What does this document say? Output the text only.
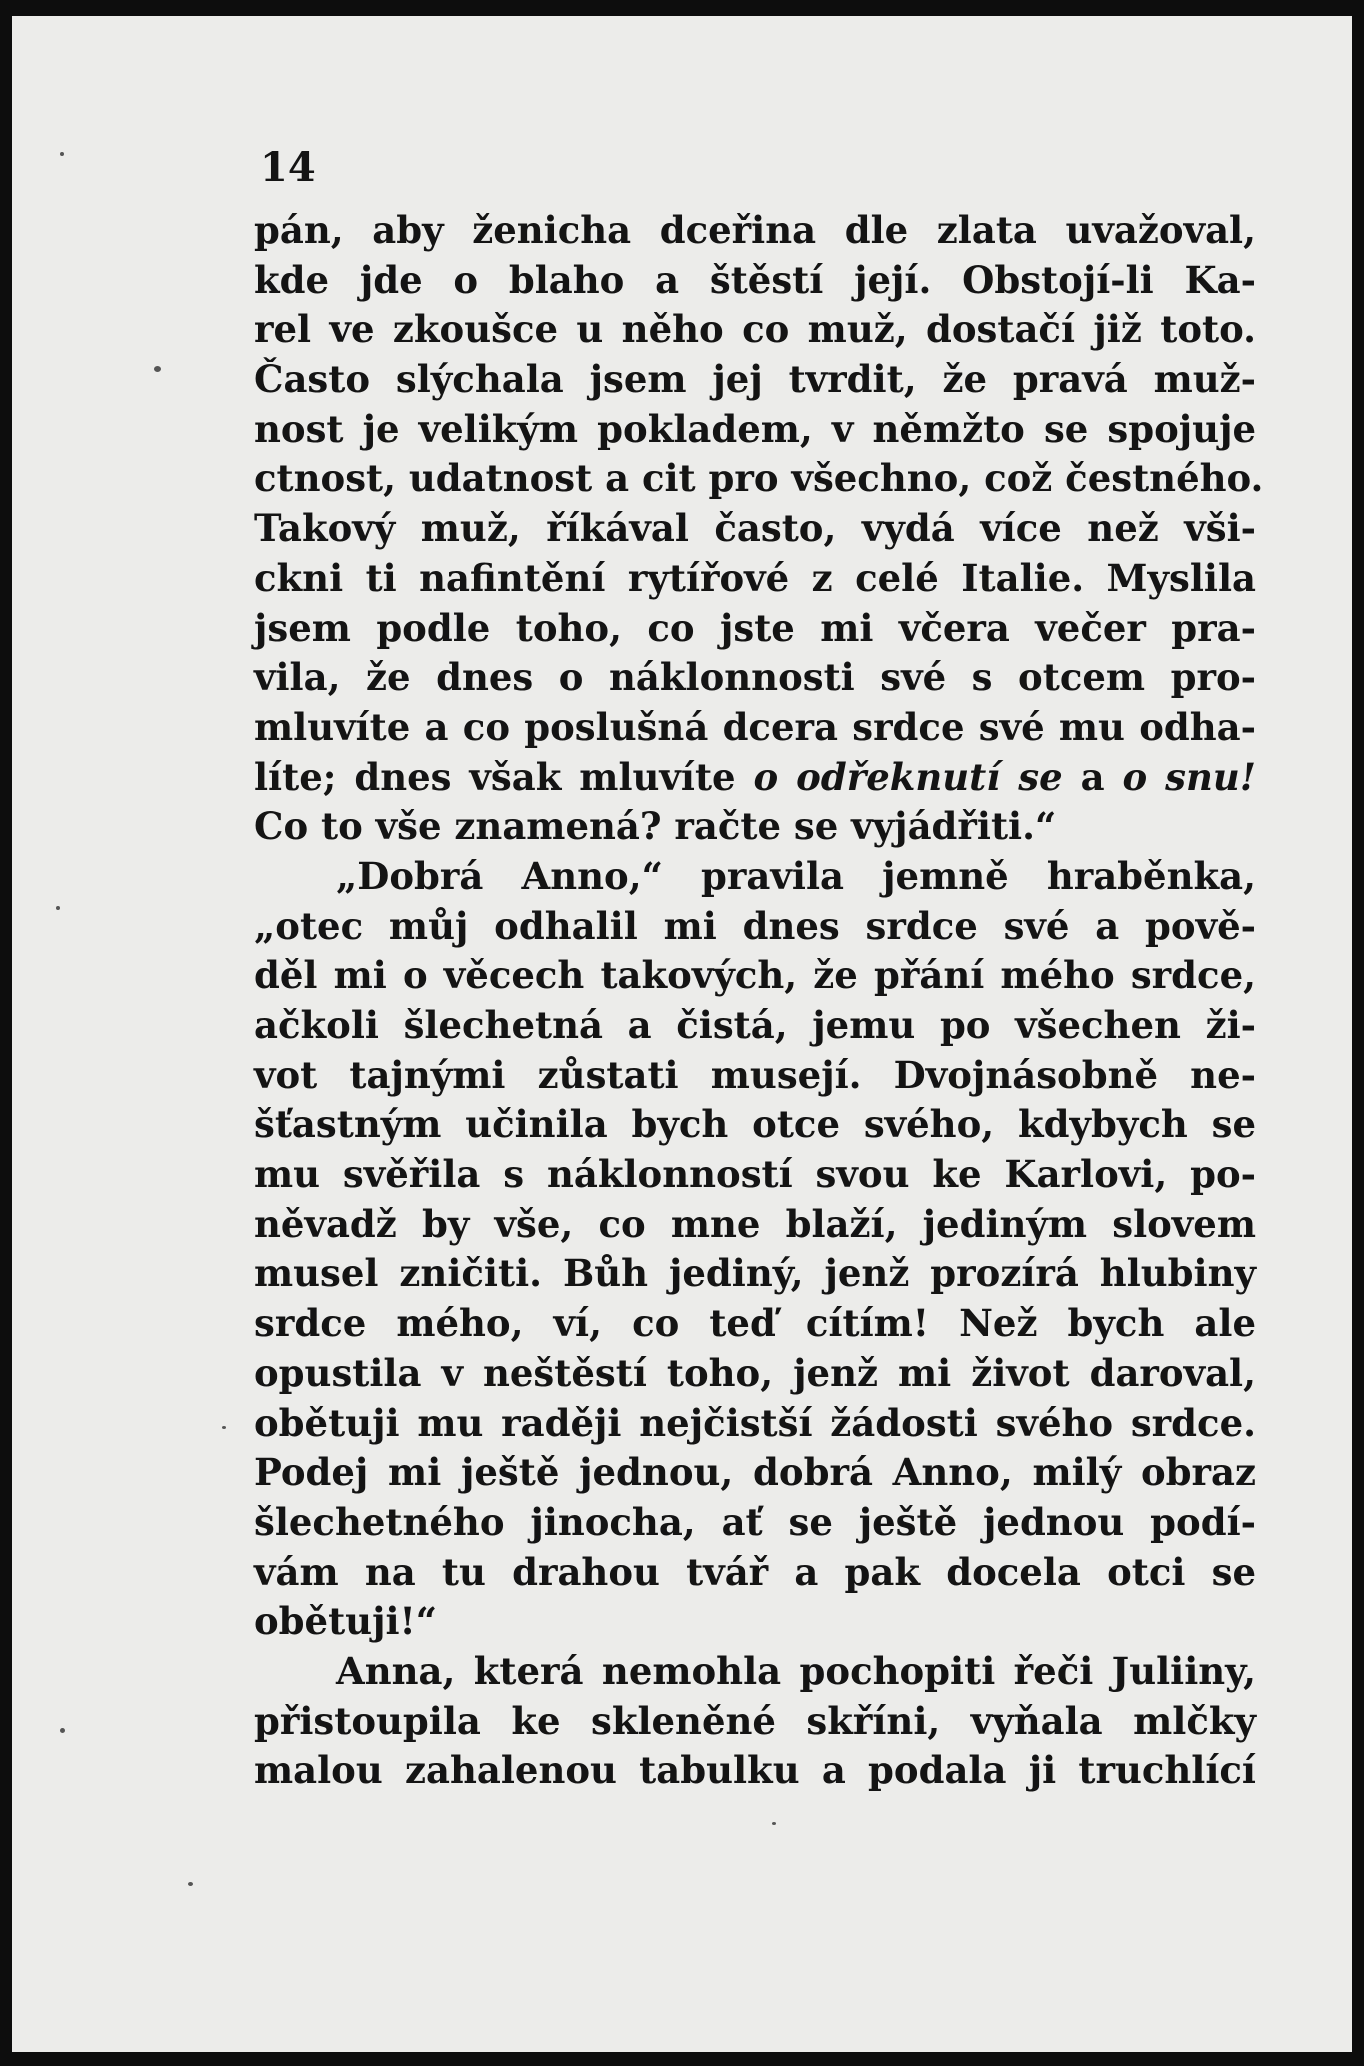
14
pán, aby ženicha dceřina dle zlata uvažoval,
kde jde o blaho a štěstí její. Obstojí-li Ka-
rel ve zkoušce u něho co muž, dostačí již toto.
Často slýchala jsem jej tvrdit, že pravá muž-
nost je velikým pokladem, v němžto se spojuje
ctnost, udatnost a cit pro všechno, což čestného.
Takový muž, říkával často, vydá více než vši-
ckni ti nafintění rytířové z celé Italie. Myslila
jsem podle toho, co jste mi včera večer pra-
vila, že dnes o náklonnosti své s otcem pro-
mluvíte a co poslušná dcera srdce své mu odha-
líte; dnes však mluvíte o odřeknutí se a o snu!
Co to vše znamená? račte se vyjádřiti.“
„Dobrá Anno,“ pravila jemně hraběnka,
„otec můj odhalil mi dnes srdce své a pově-
děl mi o věcech takových, že přání mého srdce,
ačkoli šlechetná a čistá, jemu po všechen ži-
vot tajnými zůstati musejí. Dvojnásobně ne-
šťastným učinila bych otce svého, kdybych se
mu svěřila s náklonností svou ke Karlovi, po-
něvadž by vše, co mne blaží, jediným slovem
musel zničiti. Bůh jediný, jenž prozírá hlubiny
srdce mého, ví, co teď cítím! Než bych ale
opustila v neštěstí toho, jenž mi život daroval,
obětuji mu raději nejčistší žádosti svého srdce.
Podej mi ještě jednou, dobrá Anno, milý obraz
šlechetného jinocha, ať se ještě jednou podí-
vám na tu drahou tvář a pak docela otci se
obětuji!“
Anna, která nemohla pochopiti řeči Juliiny,
přistoupila ke skleněné skříni, vyňala mlčky
malou zahalenou tabulku a podala ji truchlící
